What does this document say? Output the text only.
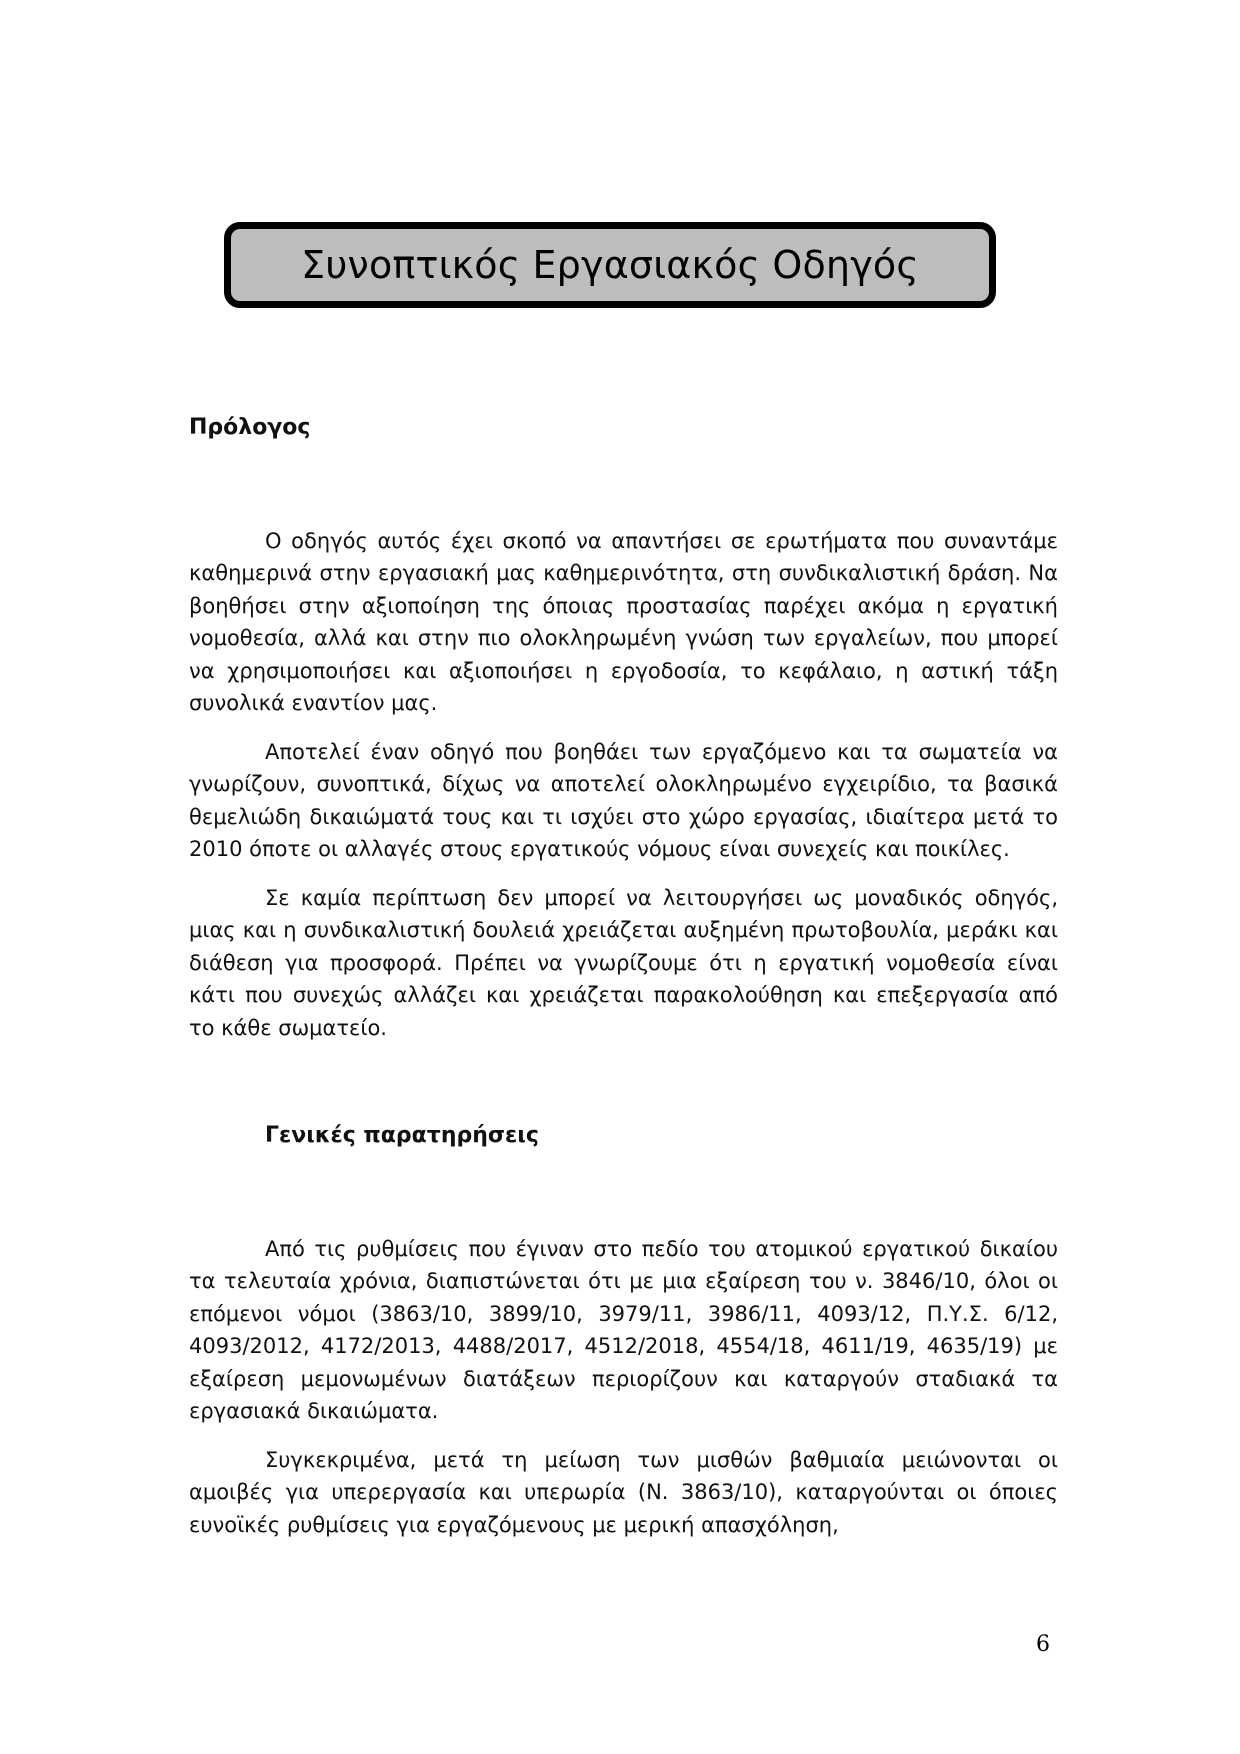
Συνοπτικός Εργασιακός Οδηγός
Πρόλογος

Ο οδηγός αυτός έχει σκοπό να απαντήσει σε ερωτήματα που συναντάμε καθημερινά στην εργασιακή μας καθημερινότητα, στη συνδικαλιστική δράση. Να βοηθήσει στην αξιοποίηση της όποιας προστασίας παρέχει ακόμα η εργατική νομοθεσία, αλλά και στην πιο ολοκληρωμένη γνώση των εργαλείων, που μπορεί να χρησιμοποιήσει και αξιοποιήσει η εργοδοσία, το κεφάλαιο, η αστική τάξη συνολικά εναντίον μας.

Αποτελεί έναν οδηγό που βοηθάει των εργαζόμενο και τα σωματεία να γνωρίζουν, συνοπτικά, δίχως να αποτελεί ολοκληρωμένο εγχειρίδιο, τα βασικά θεμελιώδη δικαιώματά τους και τι ισχύει στο χώρο εργασίας, ιδιαίτερα μετά το 2010 όποτε οι αλλαγές στους εργατικούς νόμους είναι συνεχείς και ποικίλες.

Σε καμία περίπτωση δεν μπορεί να λειτουργήσει ως μοναδικός οδηγός, μιας και η συνδικαλιστική δουλειά χρειάζεται αυξημένη πρωτοβουλία, μεράκι και διάθεση για προσφορά. Πρέπει να γνωρίζουμε ότι η εργατική νομοθεσία είναι κάτι που συνεχώς αλλάζει και χρειάζεται παρακολούθηση και επεξεργασία από το κάθε σωματείο.

Γενικές παρατηρήσεις

Από τις ρυθμίσεις που έγιναν στο πεδίο του ατομικού εργατικού δικαίου τα τελευταία χρόνια, διαπιστώνεται ότι με μια εξαίρεση του ν. 3846/10, όλοι οι επόμενοι νόμοι (3863/10, 3899/10, 3979/11, 3986/11, 4093/12, Π.Υ.Σ. 6/12, 4093/2012, 4172/2013, 4488/2017, 4512/2018, 4554/18, 4611/19, 4635/19) με εξαίρεση μεμονωμένων διατάξεων περιορίζουν και καταργούν σταδιακά τα εργασιακά δικαιώματα.

Συγκεκριμένα, μετά τη μείωση των μισθών βαθμιαία μειώνονται οι αμοιβές για υπερεργασία και υπερωρία (Ν. 3863/10), καταργούνται οι όποιες ευνοϊκές ρυθμίσεις για εργαζόμενους με μερική απασχόληση,

6
